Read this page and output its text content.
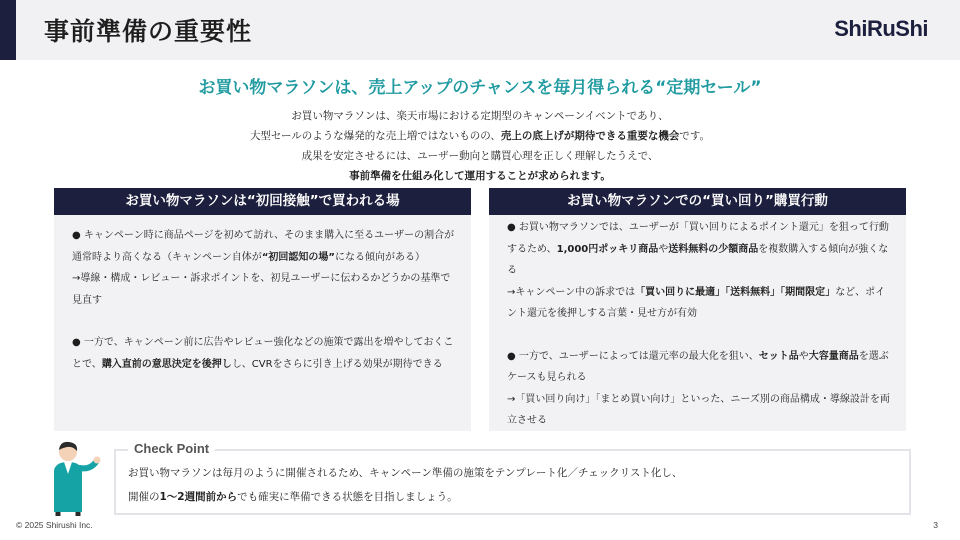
事前準備の重要性	ShiRuShi
お買い物マラソンは、売上アップのチャンスを毎月得られる“定期セール”
お買い物マラソンは、楽天市場における定期型のキャンペーンイベントであり、
大型セールのような爆発的な売上増ではないものの、売上の底上げが期待できる重要な機会です。
成果を安定させるには、ユーザー動向と購買心理を正しく理解したうえで、
事前準備を仕組み化して運用することが求められます。
お買い物マラソンは“初回接触”で買われる場

● キャンペーン時に商品ページを初めて訪れ、そのまま購入に至るユーザーの割合が通常時より高くなる（キャンペーン自体が“初回認知の場”になる傾向がある）

→導線・構成・レビュー・訴求ポイントを、初見ユーザーに伝わるかどうかの基準で見直す

● 一方で、キャンペーン前に広告やレビュー強化などの施策で露出を増やしておくことで、購入直前の意思決定を後押しし、CVRをさらに引き上げる効果が期待できる

お買い物マラソンでの“買い回り”購買行動

● お買い物マラソンでは、ユーザーが「買い回りによるポイント還元」を狙って行動するため、1,000円ポッキリ商品や送料無料の少額商品を複数購入する傾向が強くなる

→キャンペーン中の訴求では「買い回りに最適」「送料無料」「期間限定」など、ポイント還元を後押しする言葉・見せ方が有効

● 一方で、ユーザーによっては還元率の最大化を狙い、セット品や大容量商品を選ぶケースも見られる

→「買い回り向け」「まとめ買い向け」といった、ニーズ別の商品構成・導線設計を両立させる

お買い物マラソンは毎月のように開催されるため、キャンペーン準備の施策をテンプレート化／チェックリスト化し、
開催の1〜2週間前からでも確実に準備できる状態を目指しましょう。
Check Point
© 2025 Shirushi Inc.	3
